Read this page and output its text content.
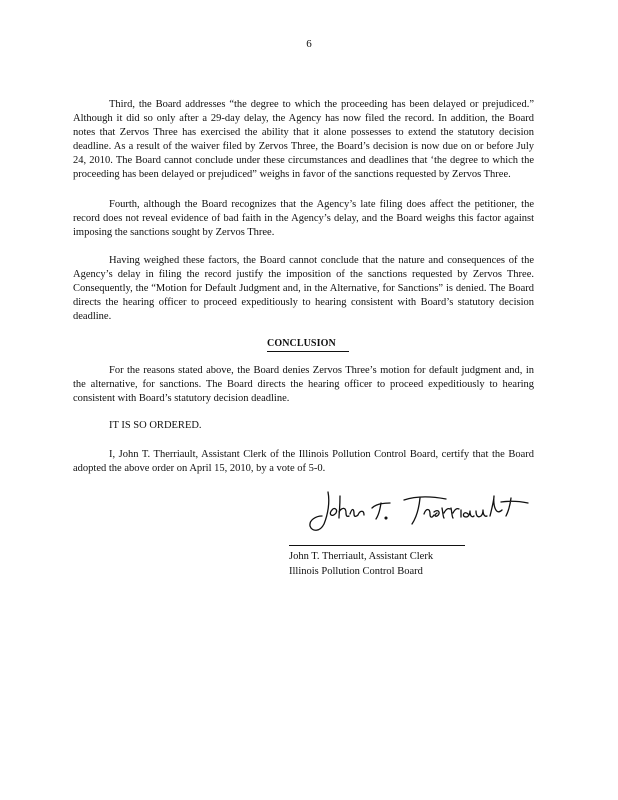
6

Third, the Board addresses “the degree to which the proceeding has been delayed or prejudiced.” Although it did so only after a 29-day delay, the Agency has now filed the record. In addition, the Board notes that Zervos Three has exercised the ability that it alone possesses to extend the statutory decision deadline. As a result of the waiver filed by Zervos Three, the Board’s decision is now due on or before July 24, 2010. The Board cannot conclude under these circumstances and deadlines that ‘the degree to which the proceeding has been delayed or prejudiced” weighs in favor of the sanctions requested by Zervos Three.

Fourth, although the Board recognizes that the Agency’s late filing does affect the petitioner, the record does not reveal evidence of bad faith in the Agency’s delay, and the Board weighs this factor against imposing the sanctions sought by Zervos Three.

Having weighed these factors, the Board cannot conclude that the nature and consequences of the Agency’s delay in filing the record justify the imposition of the sanctions requested by Zervos Three. Consequently, the “Motion for Default Judgment and, in the Alternative, for Sanctions” is denied. The Board directs the hearing officer to proceed expeditiously to hearing consistent with Board’s statutory decision deadline.

CONCLUSION

For the reasons stated above, the Board denies Zervos Three’s motion for default judgment and, in the alternative, for sanctions. The Board directs the hearing officer to proceed expeditiously to hearing consistent with Board’s statutory decision deadline.

IT IS SO ORDERED.

I, John T. Therriault, Assistant Clerk of the Illinois Pollution Control Board, certify that the Board adopted the above order on April 15, 2010, by a vote of 5-0.

John T. Therriault, Assistant Clerk
Illinois Pollution Control Board
